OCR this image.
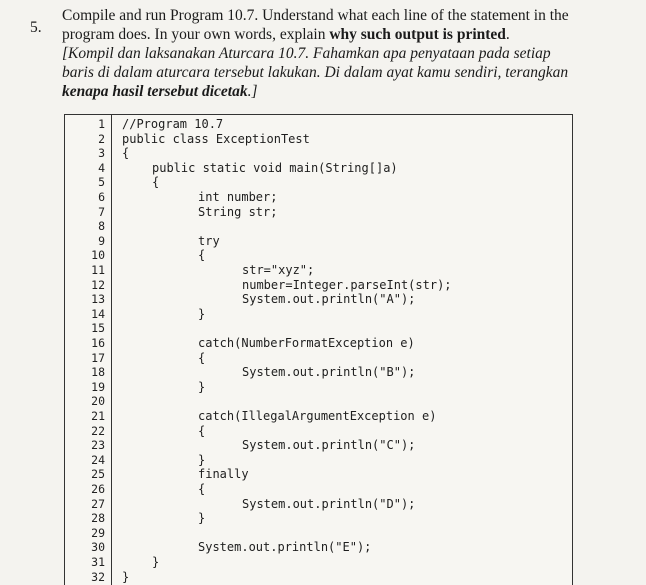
5.
Compile and run Program 10.7. Understand what each line of the statement in the
program does. In your own words, explain why such output is printed.
[Kompil dan laksanakan Aturcara 10.7. Fahamkan apa penyataan pada setiap
baris di dalam aturcara tersebut lakukan. Di dalam ayat kamu sendiri, terangkan
kenapa hasil tersebut dicetak.]
1
2
3
4
5
6
7
8
9
10
11
12
13
14
15
16
17
18
19
20
21
22
23
24
25
26
27
28
29
30
31
32
//Program 10.7
public class ExceptionTest
{
public static void main(String[]a)
{
int number;
String str;
try
{
str="xyz";
number=Integer.parseInt(str);
System.out.println("A");
}
catch(NumberFormatException e)
{
System.out.println("B");
}
catch(IllegalArgumentException e)
{
System.out.println("C");
}
finally
{
System.out.println("D");
}
System.out.println("E");
}
}
